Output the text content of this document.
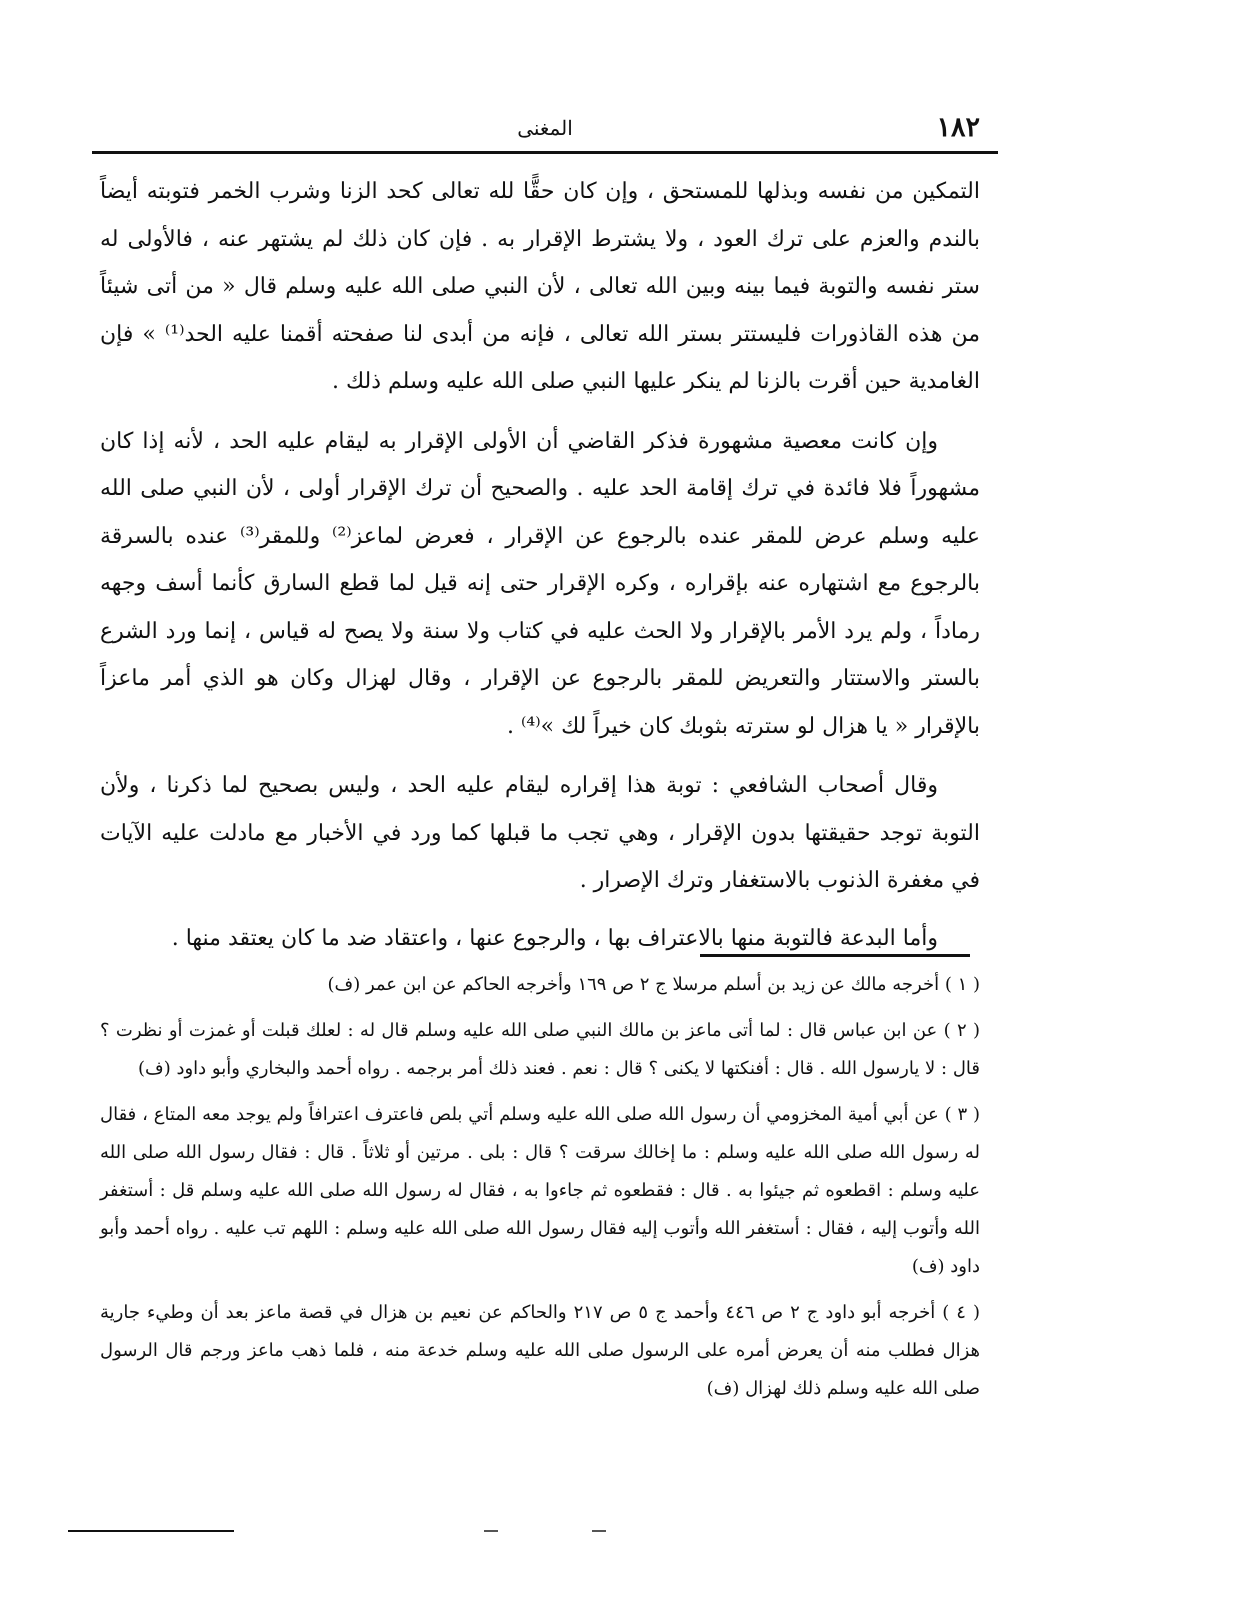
١٨٢
المغنى

التمكين من نفسه وبذلها للمستحق ، وإن كان حقًّا لله تعالى كحد الزنا وشرب الخمر فتوبته أيضاً بالندم والعزم على ترك العود ، ولا يشترط الإقرار به . فإن كان ذلك لم يشتهر عنه ، فالأولى له ستر نفسه والتوبة فيما بينه وبين الله تعالى ، لأن النبي صلى الله عليه وسلم قال « من أتى شيئاً من هذه القاذورات فليستتر بستر الله تعالى ، فإنه من أبدى لنا صفحته أقمنا عليه الحد⁽¹⁾ » فإن الغامدية حين أقرت بالزنا لم ينكر عليها النبي صلى الله عليه وسلم ذلك .

وإن كانت معصية مشهورة فذكر القاضي أن الأولى الإقرار به ليقام عليه الحد ، لأنه إذا كان مشهوراً فلا فائدة في ترك إقامة الحد عليه . والصحيح أن ترك الإقرار أولى ، لأن النبي صلى الله عليه وسلم عرض للمقر عنده بالرجوع عن الإقرار ، فعرض لماعز⁽²⁾ وللمقر⁽³⁾ عنده بالسرقة بالرجوع مع اشتهاره عنه بإقراره ، وكره الإقرار حتى إنه قيل لما قطع السارق كأنما أسف وجهه رماداً ، ولم يرد الأمر بالإقرار ولا الحث عليه في كتاب ولا سنة ولا يصح له قياس ، إنما ورد الشرع بالستر والاستتار والتعريض للمقر بالرجوع عن الإقرار ، وقال لهزال وكان هو الذي أمر ماعزاً بالإقرار « يا هزال لو سترته بثوبك كان خيراً لك »⁽⁴⁾ .

وقال أصحاب الشافعي : توبة هذا إقراره ليقام عليه الحد ، وليس بصحيح لما ذكرنا ، ولأن التوبة توجد حقيقتها بدون الإقرار ، وهي تجب ما قبلها كما ورد في الأخبار مع مادلت عليه الآيات في مغفرة الذنوب بالاستغفار وترك الإصرار .

وأما البدعة فالتوبة منها بالاعتراف بها ، والرجوع عنها ، واعتقاد ضد ما كان يعتقد منها .

( ١ ) أخرجه مالك عن زيد بن أسلم مرسلا ج ٢ ص ١٦٩ وأخرجه الحاكم عن ابن عمر (ف)

( ٢ ) عن ابن عباس قال : لما أتى ماعز بن مالك النبي صلى الله عليه وسلم قال له : لعلك قبلت أو غمزت أو نظرت ؟ قال : لا يارسول الله . قال : أفنكتها لا يكنى ؟ قال : نعم . فعند ذلك أمر برجمه . رواه أحمد والبخاري وأبو داود (ف)

( ٣ ) عن أبي أمية المخزومي أن رسول الله صلى الله عليه وسلم أتي بلص فاعترف اعترافاً ولم يوجد معه المتاع ، فقال له رسول الله صلى الله عليه وسلم : ما إخالك سرقت ؟ قال : بلى . مرتين أو ثلاثاً . قال : فقال رسول الله صلى الله عليه وسلم : اقطعوه ثم جيئوا به . قال : فقطعوه ثم جاءوا به ، فقال له رسول الله صلى الله عليه وسلم قل : أستغفر الله وأتوب إليه ، فقال : أستغفر الله وأتوب إليه فقال رسول الله صلى الله عليه وسلم : اللهم تب عليه . رواه أحمد وأبو داود (ف)

( ٤ ) أخرجه أبو داود ج ٢ ص ٤٤٦ وأحمد ج ٥ ص ٢١٧ والحاكم عن نعيم بن هزال في قصة ماعز بعد أن وطيء جارية هزال فطلب منه أن يعرض أمره على الرسول صلى الله عليه وسلم خدعة منه ، فلما ذهب ماعز ورجم قال الرسول صلى الله عليه وسلم ذلك لهزال (ف)
